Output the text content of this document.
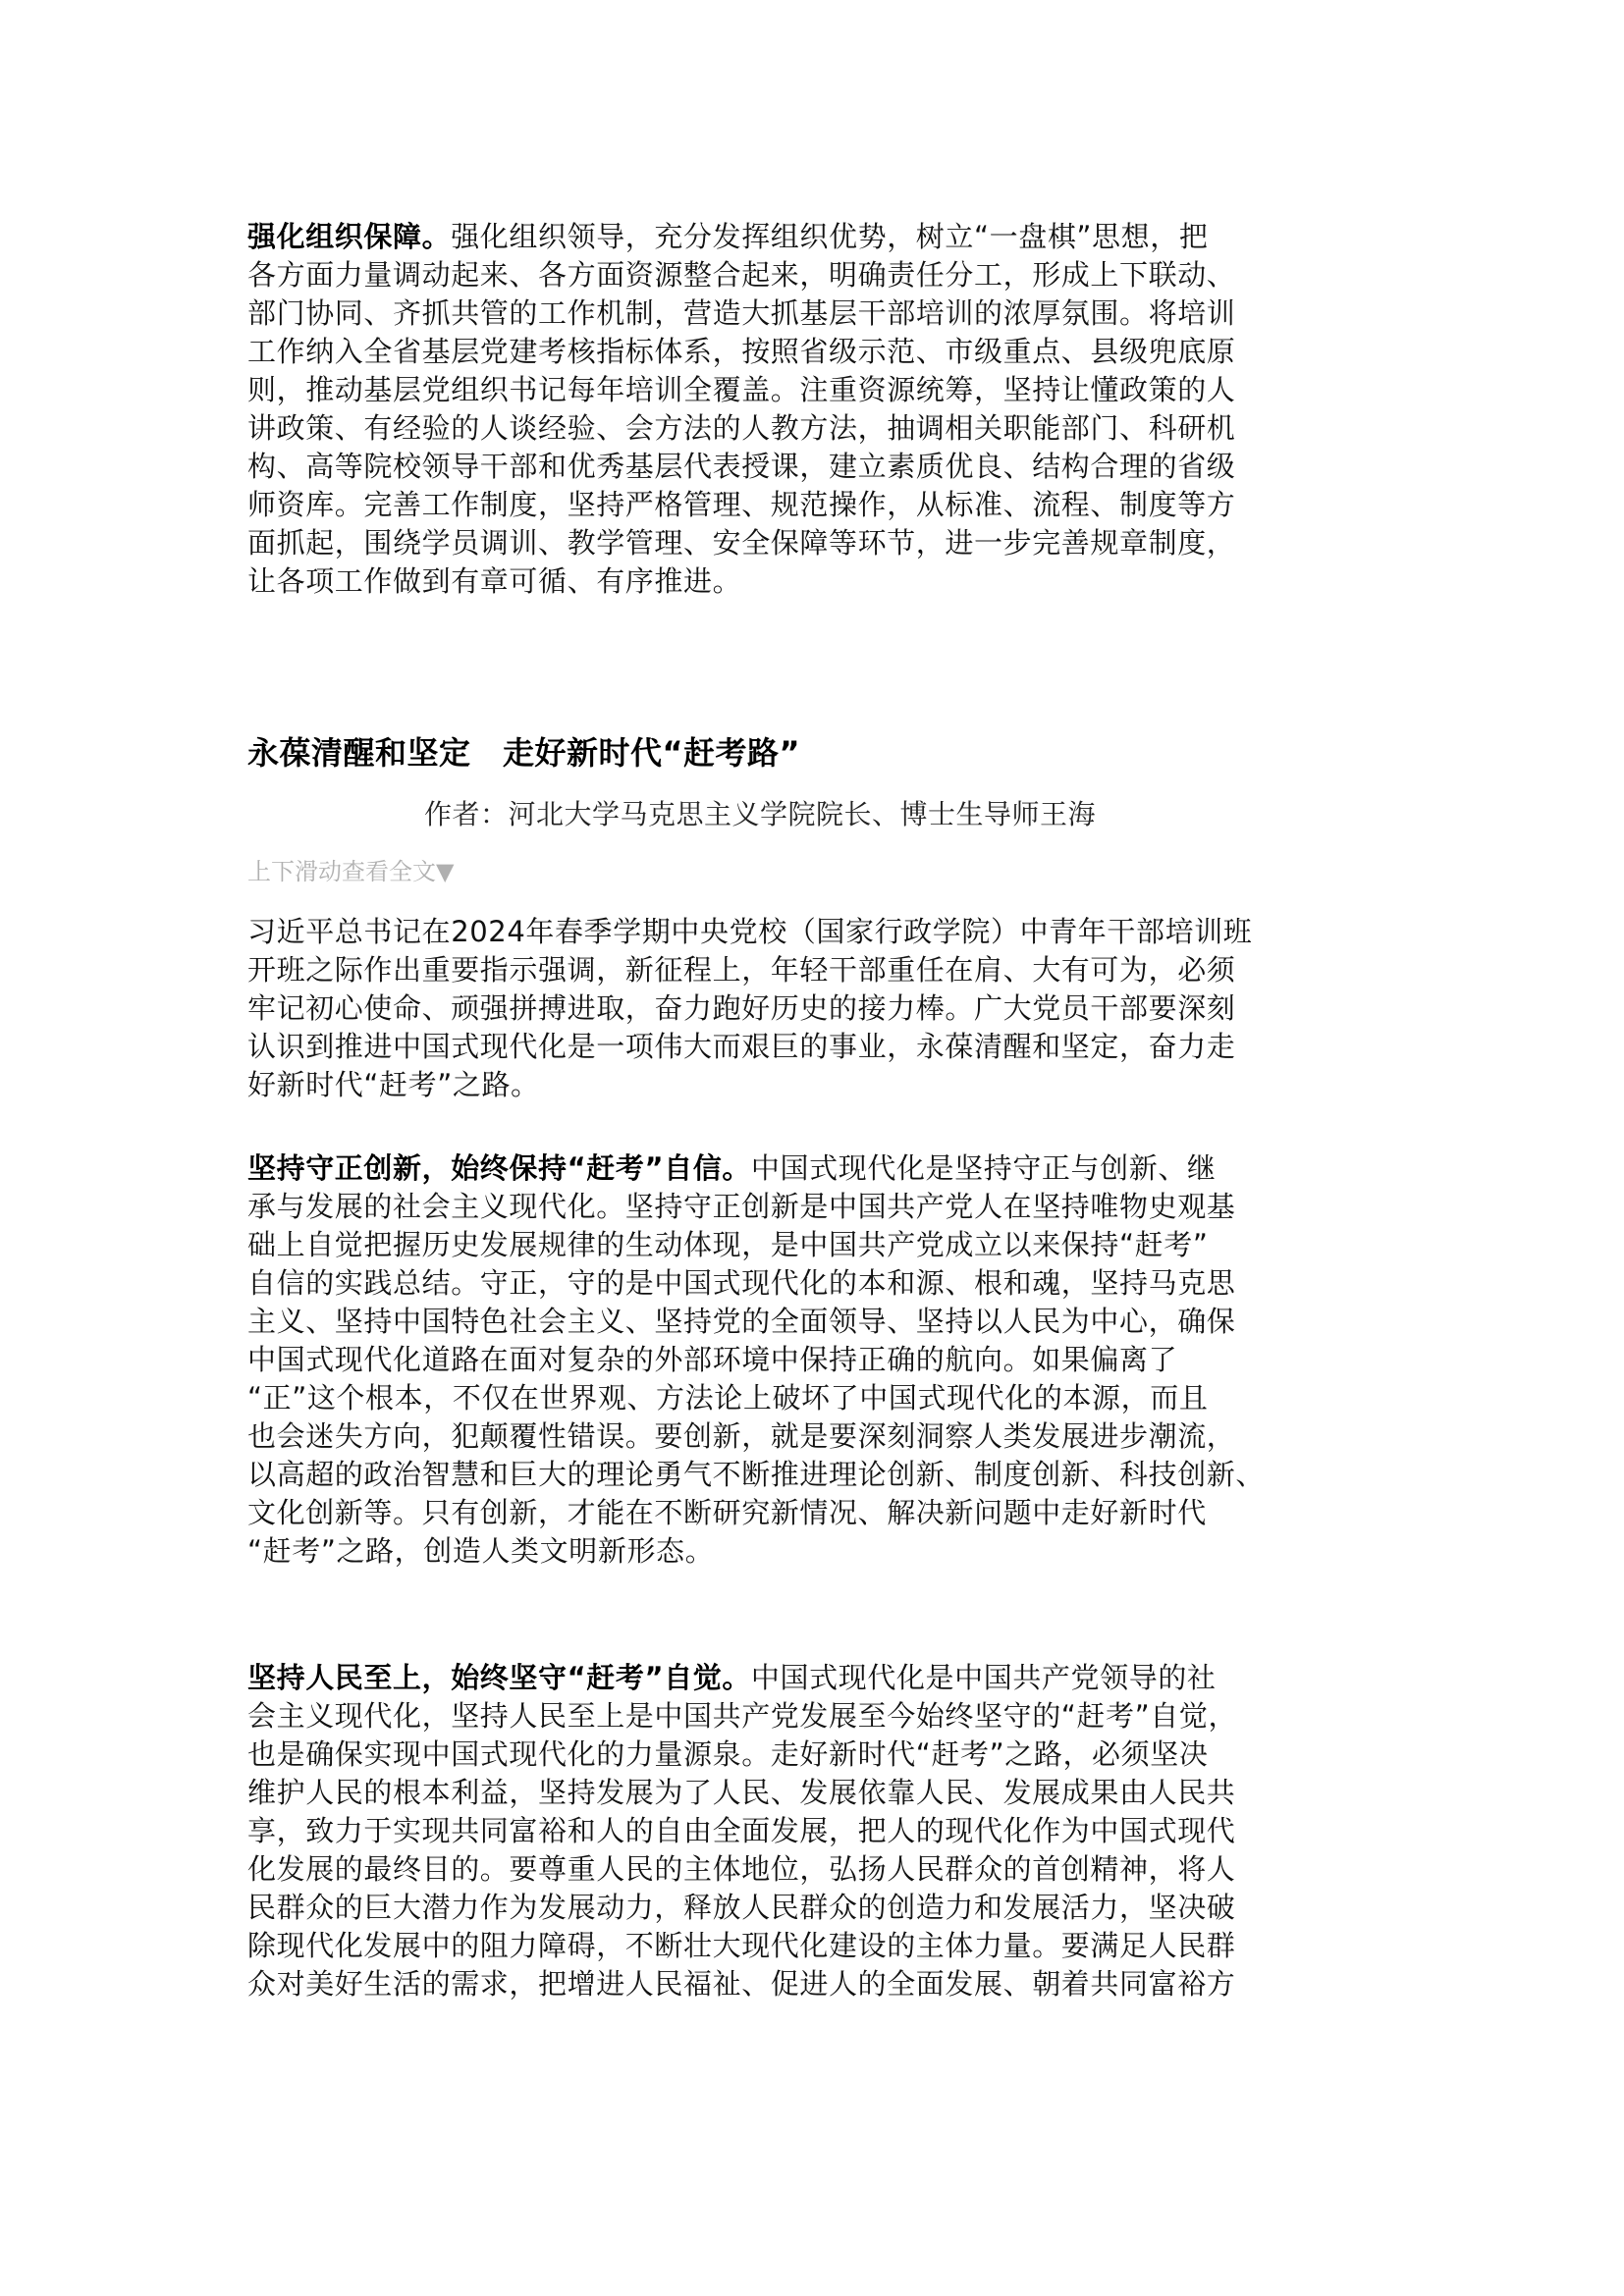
强化组织保障。强化组织领导，充分发挥组织优势，树立“一盘棋”思想，把
各方面力量调动起来、各方面资源整合起来，明确责任分工，形成上下联动、
部门协同、齐抓共管的工作机制，营造大抓基层干部培训的浓厚氛围。将培训
工作纳入全省基层党建考核指标体系，按照省级示范、市级重点、县级兜底原
则，推动基层党组织书记每年培训全覆盖。注重资源统筹，坚持让懂政策的人
讲政策、有经验的人谈经验、会方法的人教方法，抽调相关职能部门、科研机
构、高等院校领导干部和优秀基层代表授课，建立素质优良、结构合理的省级
师资库。完善工作制度，坚持严格管理、规范操作，从标准、流程、制度等方
面抓起，围绕学员调训、教学管理、安全保障等环节，进一步完善规章制度，
让各项工作做到有章可循、有序推进。
永葆清醒和坚定　走好新时代“赶考路”
作者：河北大学马克思主义学院院长、博士生导师王海
上下滑动查看全文▼
习近平总书记在2024年春季学期中央党校（国家行政学院）中青年干部培训班
开班之际作出重要指示强调，新征程上，年轻干部重任在肩、大有可为，必须
牢记初心使命、顽强拼搏进取，奋力跑好历史的接力棒。广大党员干部要深刻
认识到推进中国式现代化是一项伟大而艰巨的事业，永葆清醒和坚定，奋力走
好新时代“赶考”之路。
坚持守正创新，始终保持“赶考”自信。中国式现代化是坚持守正与创新、继
承与发展的社会主义现代化。坚持守正创新是中国共产党人在坚持唯物史观基
础上自觉把握历史发展规律的生动体现，是中国共产党成立以来保持“赶考”
自信的实践总结。守正，守的是中国式现代化的本和源、根和魂，坚持马克思
主义、坚持中国特色社会主义、坚持党的全面领导、坚持以人民为中心，确保
中国式现代化道路在面对复杂的外部环境中保持正确的航向。如果偏离了
“正”这个根本，不仅在世界观、方法论上破坏了中国式现代化的本源，而且
也会迷失方向，犯颠覆性错误。要创新，就是要深刻洞察人类发展进步潮流，
以高超的政治智慧和巨大的理论勇气不断推进理论创新、制度创新、科技创新、
文化创新等。只有创新，才能在不断研究新情况、解决新问题中走好新时代
“赶考”之路，创造人类文明新形态。
坚持人民至上，始终坚守“赶考”自觉。中国式现代化是中国共产党领导的社
会主义现代化，坚持人民至上是中国共产党发展至今始终坚守的“赶考”自觉，
也是确保实现中国式现代化的力量源泉。走好新时代“赶考”之路，必须坚决
维护人民的根本利益，坚持发展为了人民、发展依靠人民、发展成果由人民共
享，致力于实现共同富裕和人的自由全面发展，把人的现代化作为中国式现代
化发展的最终目的。要尊重人民的主体地位，弘扬人民群众的首创精神，将人
民群众的巨大潜力作为发展动力，释放人民群众的创造力和发展活力，坚决破
除现代化发展中的阻力障碍，不断壮大现代化建设的主体力量。要满足人民群
众对美好生活的需求，把增进人民福祉、促进人的全面发展、朝着共同富裕方
